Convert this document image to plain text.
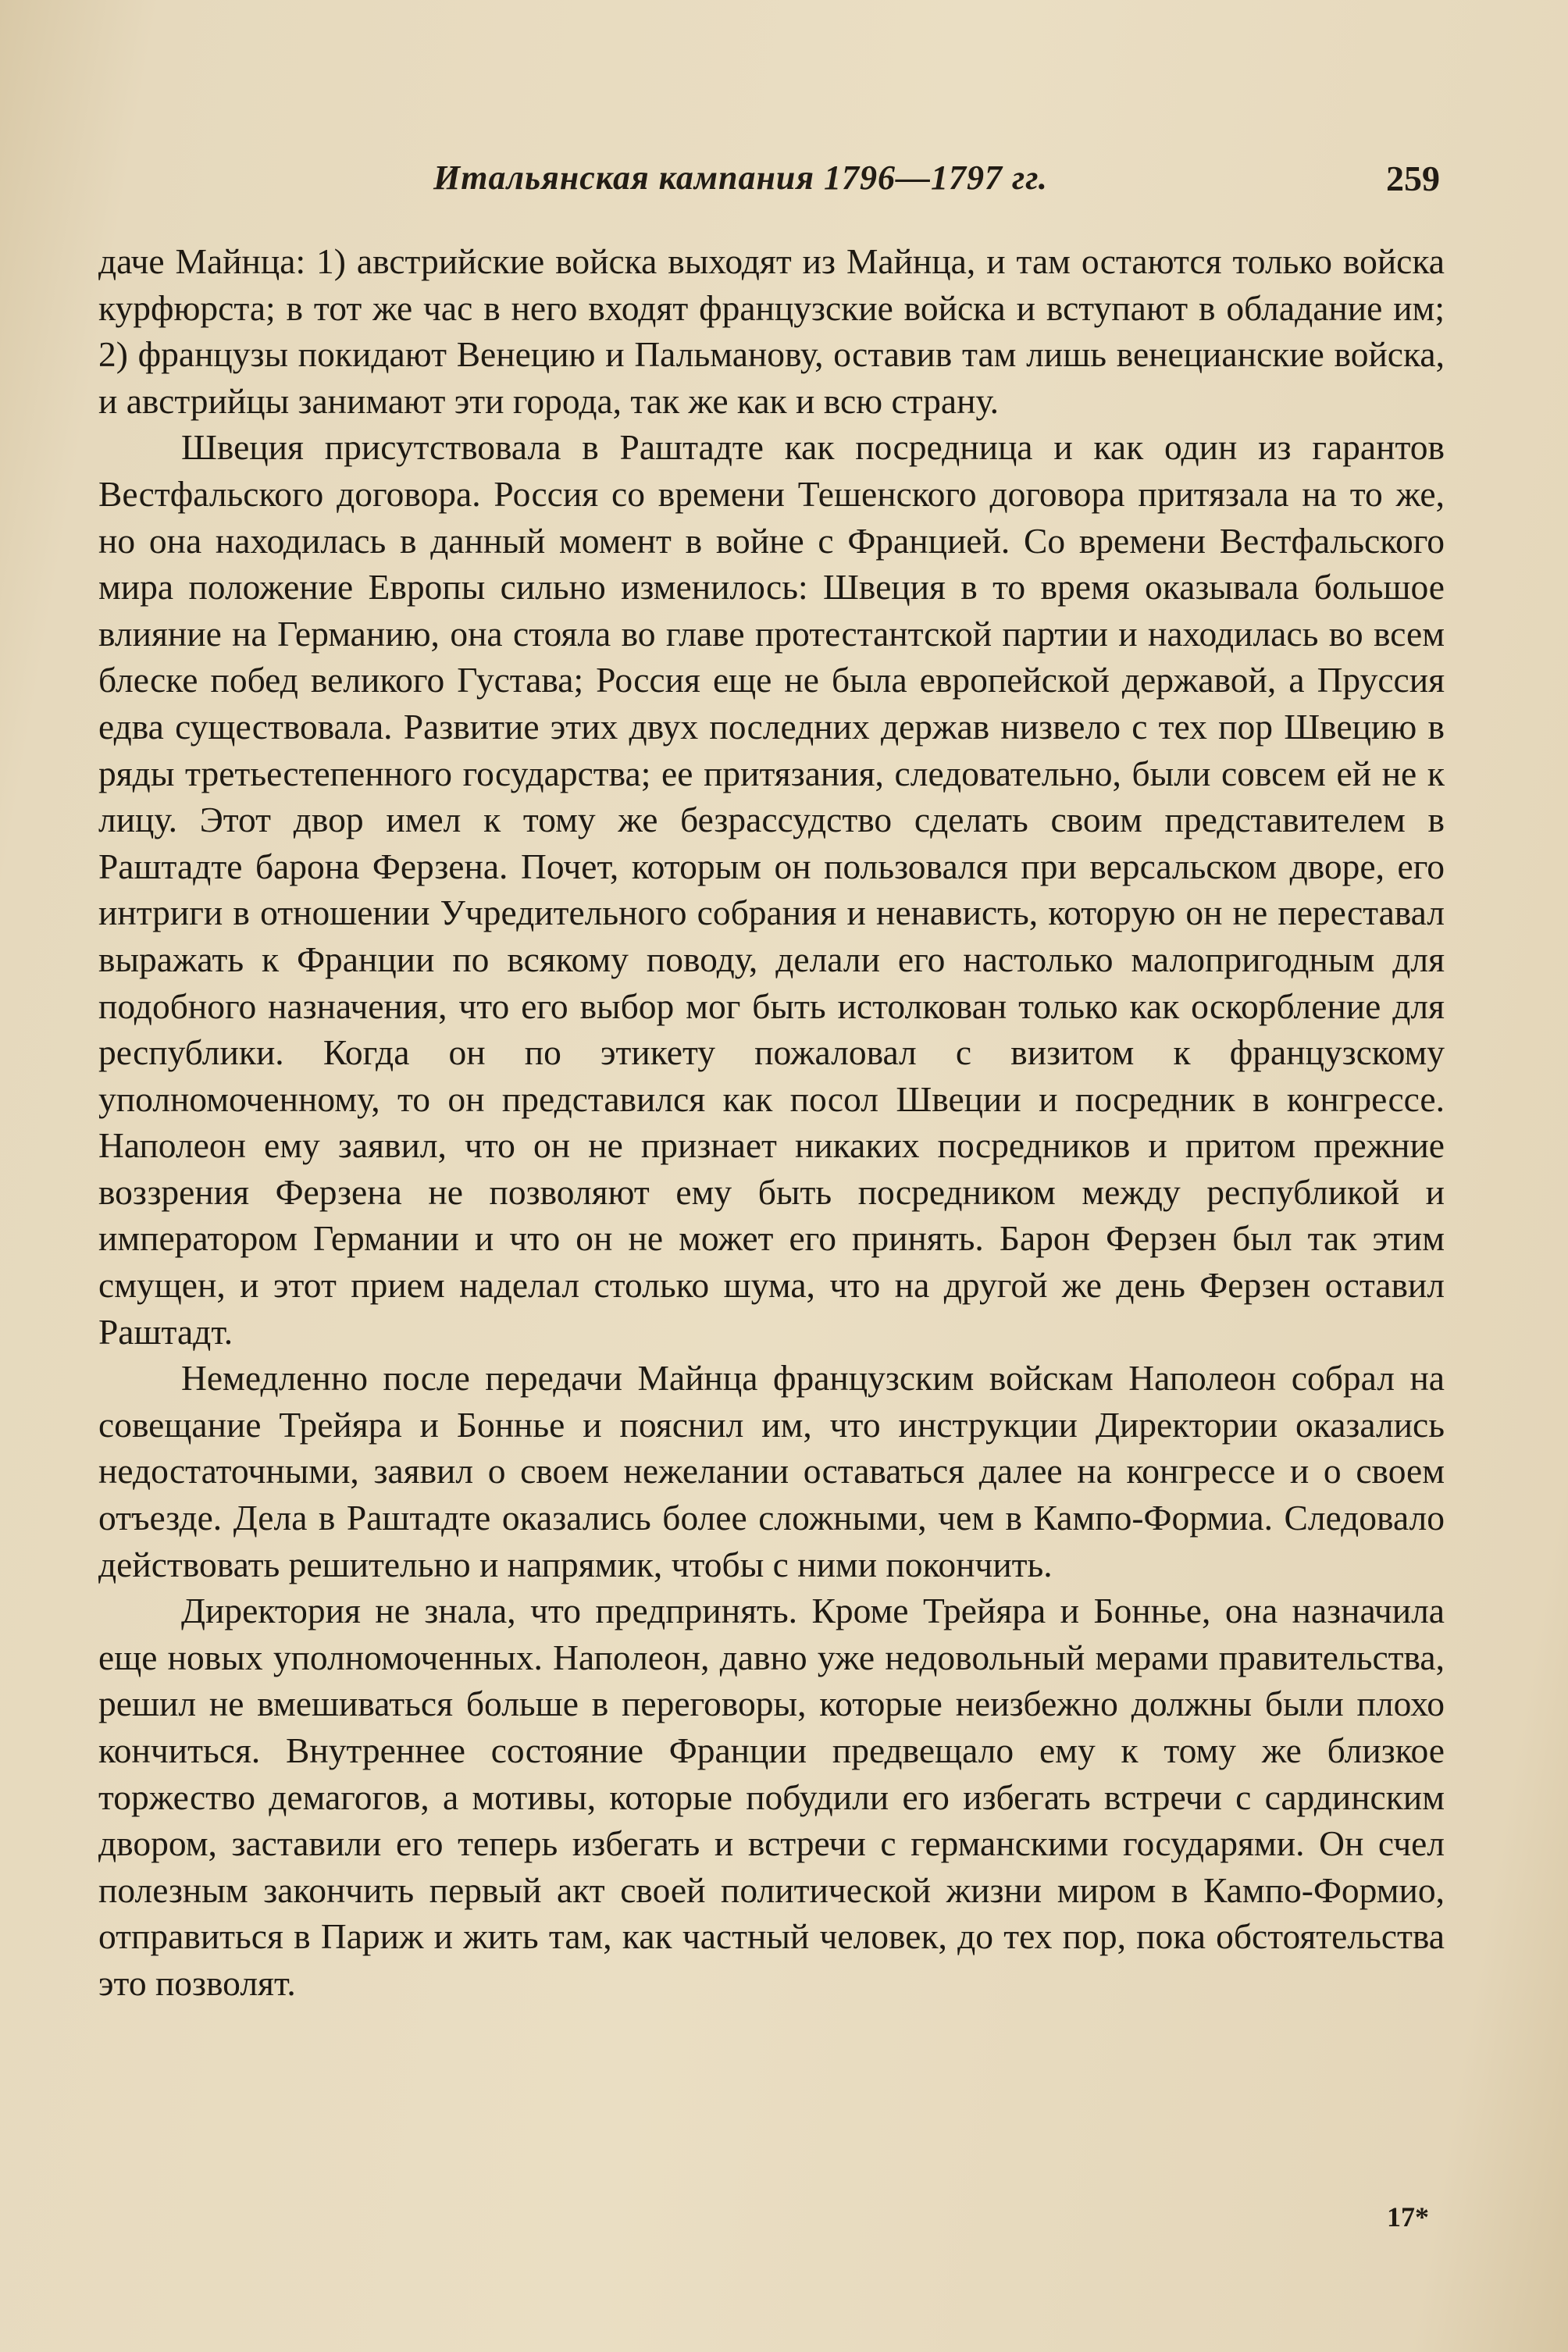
Итальянская кампания 1796—1797 гг.	259

даче Майнца: 1) австрийские войска выходят из Майнца, и там остаются только войска курфюрста; в тот же час в него входят французские войска и вступают в обладание им; 2) французы покидают Венецию и Пальманову, оставив там лишь венецианские войска, и австрийцы занимают эти города, так же как и всю страну.

Швеция присутствовала в Раштадте как посредница и как один из гарантов Вестфальского договора. Россия со времени Тешенского договора притязала на то же, но она находилась в данный момент в войне с Францией. Со времени Вестфальского мира положение Европы сильно изменилось: Швеция в то время оказывала большое влияние на Германию, она стояла во главе протестантской партии и находилась во всем блеске побед великого Густава; Россия еще не была европейской державой, а Пруссия едва существовала. Развитие этих двух последних держав низвело с тех пор Швецию в ряды третьестепенного государства; ее притязания, следовательно, были совсем ей не к лицу. Этот двор имел к тому же безрассудство сделать своим представителем в Раштадте барона Ферзена. Почет, которым он пользовался при версальском дворе, его интриги в отношении Учредительного собрания и ненависть, которую он не переставал выражать к Франции по всякому поводу, делали его настолько малопригодным для подобного назначения, что его выбор мог быть истолкован только как оскорбление для республики. Когда он по этикету пожаловал с визитом к французскому уполномоченному, то он представился как посол Швеции и посредник в конгрессе. Наполеон ему заявил, что он не признает никаких посредников и притом прежние воззрения Ферзена не позволяют ему быть посредником между республикой и императором Германии и что он не может его принять. Барон Ферзен был так этим смущен, и этот прием наделал столько шума, что на другой же день Ферзен оставил Раштадт.

Немедленно после передачи Майнца французским войскам Наполеон собрал на совещание Трейяра и Боннье и пояснил им, что инструкции Директории оказались недостаточными, заявил о своем нежелании оставаться далее на конгрессе и о своем отъезде. Дела в Раштадте оказались более сложными, чем в Кампо-Формиа. Следовало действовать решительно и напрямик, чтобы с ними покончить.

Директория не знала, что предпринять. Кроме Трейяра и Боннье, она назначила еще новых уполномоченных. Наполеон, давно уже недовольный мерами правительства, решил не вмешиваться больше в переговоры, которые неизбежно должны были плохо кончиться. Внутреннее состояние Франции предвещало ему к тому же близкое торжество демагогов, а мотивы, которые побудили его избегать встречи с сардинским двором, заставили его теперь избегать и встречи с германскими государями. Он счел полезным закончить первый акт своей политической жизни миром в Кампо-Формио, отправиться в Париж и жить там, как частный человек, до тех пор, пока обстоятельства это позволят.

17*
